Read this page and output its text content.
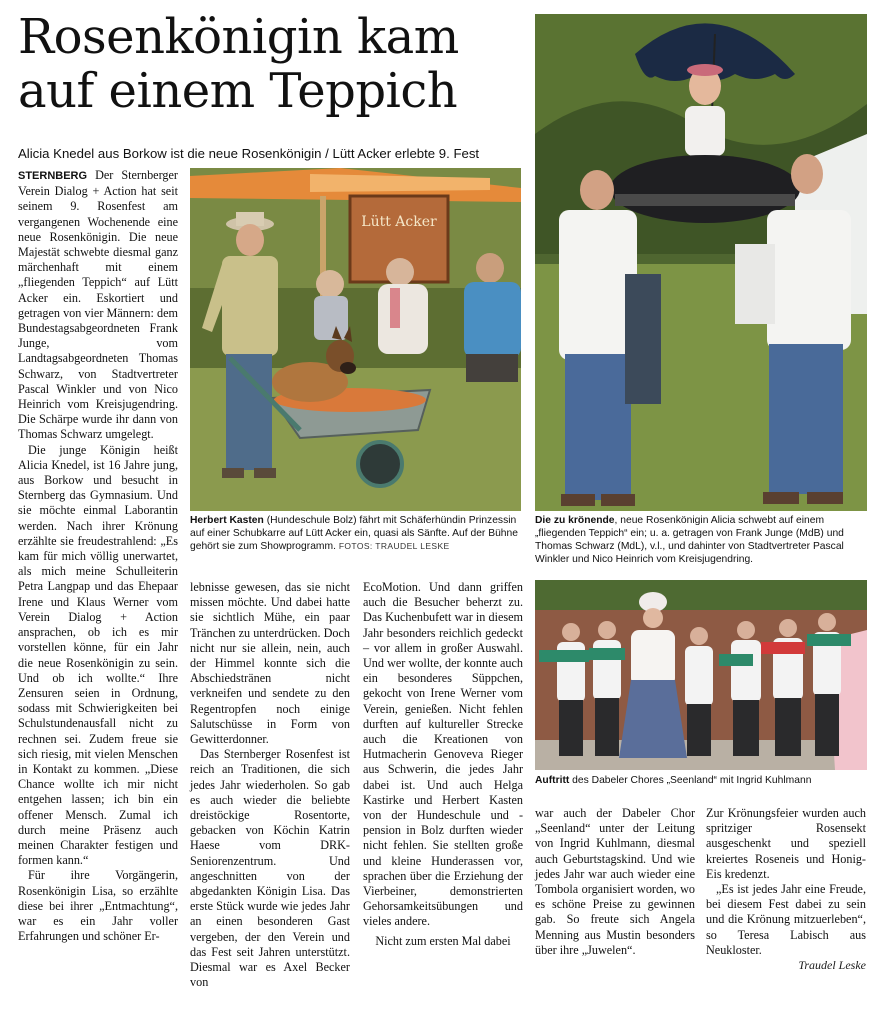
Rosenkönigin kam auf einem Teppich
Alicia Knedel aus Borkow ist die neue Rosenkönigin / Lütt Acker erlebte 9. Fest

STERNBERG Der Sternberger Verein Dialog + Action hat seit seinem 9. Rosenfest am vergangenen Wochenende eine neue Rosenkönigin. Die neue Majestät schwebte diesmal ganz märchenhaft mit einem „fliegenden Teppich“ auf Lütt Acker ein. Eskortiert und getragen von vier Männern: dem Bundestagsabgeordneten Frank Junge, vom Landtagsabgeordneten Thomas Schwarz, von Stadtvertreter Pascal Winkler und von Nico Heinrich vom Kreisjugendring. Die Schärpe wurde ihr dann von Thomas Schwarz umgelegt.

Die junge Königin heißt Alicia Knedel, ist 16 Jahre jung, aus Borkow und besucht in Sternberg das Gymnasium. Und sie möchte einmal Laborantin werden. Nach ihrer Krönung erzählte sie freudestrahlend: „Es kam für mich völlig unerwartet, als mich meine Schulleiterin Petra Langpap und das Ehepaar Irene und Klaus Werner vom Verein Dialog + Action ansprachen, ob ich es mir vorstellen könne, für ein Jahr die neue Rosenkönigin zu sein. Und ob ich wollte.“ Ihre Zensuren seien in Ordnung, sodass mit Schwierigkeiten bei Schulstundenausfall nicht zu rechnen sei. Zudem freue sie sich riesig, mit vielen Menschen in Kontakt zu kommen. „Diese Chance wollte ich mir nicht entgehen lassen; ich bin ein offener Mensch. Zumal ich durch meine Präsenz auch meinen Charakter festigen und formen kann.“

Für ihre Vorgängerin, Rosenkönigin Lisa, so erzählte diese bei ihrer „Entmachtung“, war es ein Jahr voller Erfahrungen und schöner Er-

lebnisse gewesen, das sie nicht missen möchte. Und dabei hatte sie sichtlich Mühe, ein paar Tränchen zu unterdrücken. Doch nicht nur sie allein, nein, auch der Himmel konnte sich die Abschiedstränen nicht verkneifen und sendete zu den Regentropfen noch einige Salutschüsse in Form von Gewitterdonner.

Das Sternberger Rosenfest ist reich an Traditionen, die sich jedes Jahr wiederholen. So gab es auch wieder die beliebte dreistöckige Rosentorte, gebacken von Köchin Katrin Haese vom DRK-Seniorenzentrum. Und angeschnitten von der abgedankten Königin Lisa. Das erste Stück wurde wie jedes Jahr an einen besonderen Gast vergeben, der den Verein und das Fest seit Jahren unterstützt. Diesmal war es Axel Becker von

EcoMotion. Und dann griffen auch die Besucher beherzt zu. Das Kuchenbufett war in diesem Jahr besonders reichlich gedeckt – vor allem in großer Auswahl. Und wer wollte, der konnte auch ein besonderes Süppchen, gekocht von Irene Werner vom Verein, genießen. Nicht fehlen durften auf kultureller Strecke auch die Kreationen von Hutmacherin Genoveva Rieger aus Schwerin, die jedes Jahr dabei ist. Und auch Helga Kastirke und Herbert Kasten von der Hundeschule und -pension in Bolz durften wieder nicht fehlen. Sie stellten große und kleine Hunderassen vor, sprachen über die Erziehung der Vierbeiner, demonstrierten Gehorsamkeitsübungen und vieles andere.

Nicht zum ersten Mal dabei

war auch der Dabeler Chor „Seenland“ unter der Leitung von Ingrid Kuhlmann, diesmal auch Geburtstagskind. Und wie jedes Jahr war auch wieder eine Tombola organisiert worden, wo es schöne Preise zu gewinnen gab. So freute sich Angela Menning aus Mustin besonders über ihre „Juwelen“.

Zur Krönungsfeier wurden auch spritziger Rosensekt ausgeschenkt und speziell kreiertes Roseneis und Honig-Eis kredenzt.

„Es ist jedes Jahr eine Freude, bei diesem Fest dabei zu sein und die Krönung mitzuerleben“, so Teresa Labisch aus Neukloster.

Traudel Leske
Lütt Acker
Herbert Kasten (Hundeschule Bolz) fährt mit Schäferhündin Prinzessin auf einer Schubkarre auf Lütt Acker ein, quasi als Sänfte. Auf der Bühne gehört sie zum Showprogramm. FOTOS: TRAUDEL LESKE
Die zu krönende, neue Rosenkönigin Alicia schwebt auf einem „fliegenden Teppich“ ein; u. a. getragen von Frank Junge (MdB) und Thomas Schwarz (MdL), v.l., und dahinter von Stadtvertreter Pascal Winkler und Nico Heinrich vom Kreisjugendring.
Auftritt des Dabeler Chores „Seenland“ mit Ingrid Kuhlmann
